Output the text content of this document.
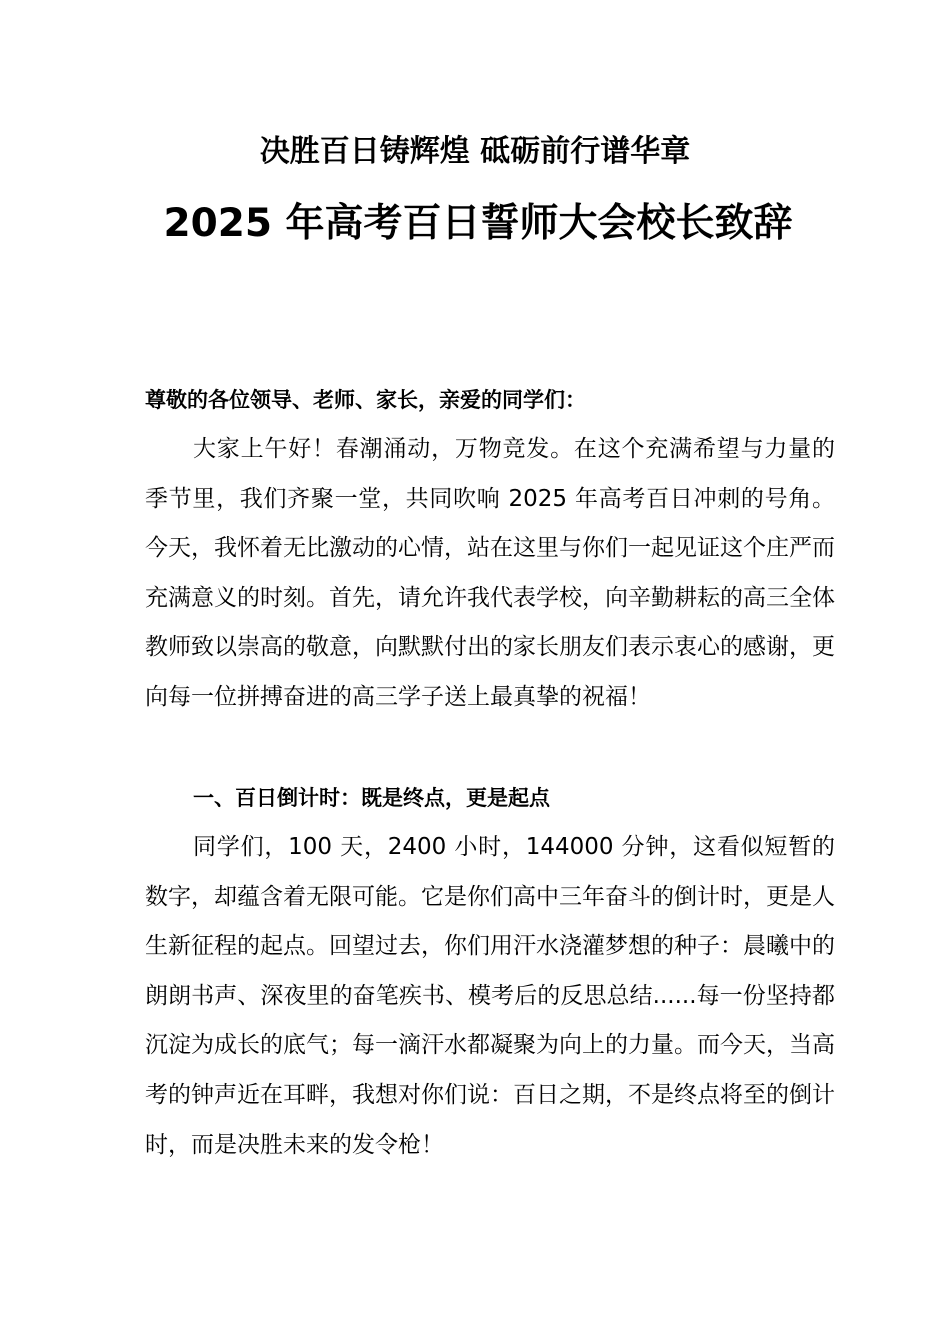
决胜百日铸辉煌 砥砺前行谱华章
2025 年高考百日誓师大会校长致辞
尊敬的各位领导、老师、家长，亲爱的同学们：

大家上午好！春潮涌动，万物竞发。在这个充满希望与力量的季节里，我们齐聚一堂，共同吹响 2025 年高考百日冲刺的号角。今天，我怀着无比激动的心情，站在这里与你们一起见证这个庄严而充满意义的时刻。首先，请允许我代表学校，向辛勤耕耘的高三全体教师致以崇高的敬意，向默默付出的家长朋友们表示衷心的感谢，更向每一位拼搏奋进的高三学子送上最真挚的祝福！

一、百日倒计时：既是终点，更是起点

同学们，100 天，2400 小时，144000 分钟，这看似短暂的数字，却蕴含着无限可能。它是你们高中三年奋斗的倒计时，更是人生新征程的起点。回望过去，你们用汗水浇灌梦想的种子：晨曦中的朗朗书声、深夜里的奋笔疾书、模考后的反思总结......每一份坚持都沉淀为成长的底气；每一滴汗水都凝聚为向上的力量。而今天，当高考的钟声近在耳畔，我想对你们说：百日之期，不是终点将至的倒计时，而是决胜未来的发令枪！
